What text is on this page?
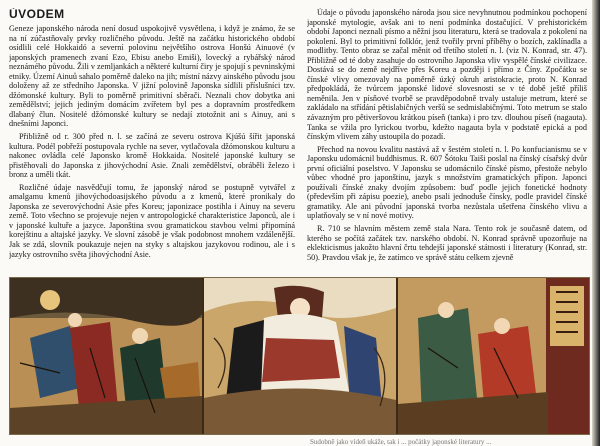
ÚVODEM

Geneze japonského národa není dosud uspokojivě vysvětlena, i když je známo, že se na ní zúčastňovaly prvky rozličného původu. Ještě na začátku historického období osídlili celé Hokkaidó a severní polovinu největšího ostrova Honšú Ainuové (v japonských pramenech zvaní Ezo, Ebisu anebo Emiši), lovecký a rybářský národ neznámého původu. Žili v zemljankách a některé kulturní čiry je spojují s pevninskými etniky. Území Ainuů sahalo poměrně daleko na jih; místní názvy ainského původu jsou doloženy až ze středního Japonska. V jižní polovině Japonska sídlili příslušníci tzv. džómonské kultury. Byli to poměrně primitivní sběrači. Neznali chov dobytka ani zemědělství; jejich jediným domácím zvířetem byl pes a dopravním prostředkem dlabaný člun. Nositelé džómonské kultury se nedají ztotožnit ani s Ainuy, ani s dnešními Japonci.

Přibližně od r. 300 před n. l. se začíná ze severu ostrova Kjúšú šířit japonská kultura. Podél pobřeží postupovala rychle na sever, vytlačovala džómonskou kulturu a nakonec ovládla celé Japonsko kromě Hokkaida. Nositelé japonské kultury se přistěhovali do Japonska z jihovýchodní Asie. Znali zemědělství, obráběli železo i bronz a uměli tkát.

Rozličné údaje nasvědčují tomu, že japonský národ se postupně vytvářel z amalgamu kmenů jihovýchodoasijského původu a z kmenů, které pronikaly do Japonska ze severovýchodní Asie přes Koreu; japonizace postihla i Ainuy na severu země. Toto všechno se projevuje nejen v antropologické charakteristice Japonců, ale i v japonské kultuře a jazyce. Japonština svou gramatickou stavbou velmi připomíná korejštinu a altajské jazyky. Ve slovní zásobě je však podobnost mnohem vzdálenější. Jak se zdá, slovník poukazuje nejen na styky s altajskou jazykovou rodinou, ale i s jazyky ostrovního světa jihovýchodní Asie.

Údaje o původu japonského národa jsou sice nevyhnutnou podmínkou pochopení japonské mytologie, avšak ani to není podmínka dostačující. V prehistorickém období Japonci neznali písmo a něžni jsou literaturu, která se tradovala z pokolení na pokolení. Byl to primitivní folklór, jenž tvořily první příběhy o bozích, zaklínadla a modlitby. Tento obraz se začal měnit od třetího století n. l. (viz N. Konrad, str. 47). Přibližně od té doby zasahuje do ostrovního Japonska vliv vyspělé čínské civilizace. Dostává se do země nejdříve přes Koreu a později i přímo z Číny. Zpočátku se čínské vlivy omezovaly na poměrně úzký okruh aristokracie, proto N. Konrad předpokládá, že tvůrcem japonské lidové slovesnosti se v té době ještě příliš neměnila. Jen v písňové tvorbě se pravděpodobně trvaly ustaluje metrum, které se zakládalo na střídání pětislabičných veršů se sedmislabičnými. Toto metrum se stalo závazným pro pětiveršovou krátkou píseň (tanka) i pro tzv. dlouhou píseň (nagauta). Tanka se vžila pro lyrickou tvorbu, kdežto nagauta byla v podstatě epická a pod čínským vlivem záhy ustoupila do pozadí.

Přechod na novou kvalitu nastává až v šestém století n. l. Po konfucianismu se v Japonsku udomácnil buddhismus. R. 607 Šótoku Taiši poslal na čínský císařský dvůr první oficiální poselstvo. V Japonsku se udomácnilo čínské písmo, přestože nebylo vůbec vhodné pro japonštinu, jazyk s množstvím gramatických přípon. Japonci používali čínské znaky dvojím způsobem: buď podle jejich fonetické hodnoty (především při zápisu poezie), anebo psali jednoduše čínsky, podle pravidel čínské gramatiky. Ale ani původní japonská tvorba nezůstala ušetřena čínského vlivu a uplatňovaly se v ní nové motivy.

R. 710 se hlavním městem země stala Nara. Tento rok je současně datem, od kterého se počítá začátek tzv. narského období. N. Konrad správně upozorňuje na eklekticismus jakožto hlavní črtu tehdejší japonské státnosti i literatury (Konrad, str. 50). Pravdou však je, že zatímco ve správě státu celkem zjevně

Sudobně jako vídeň ukáže, tak i ... počátky japonské literatury ...
